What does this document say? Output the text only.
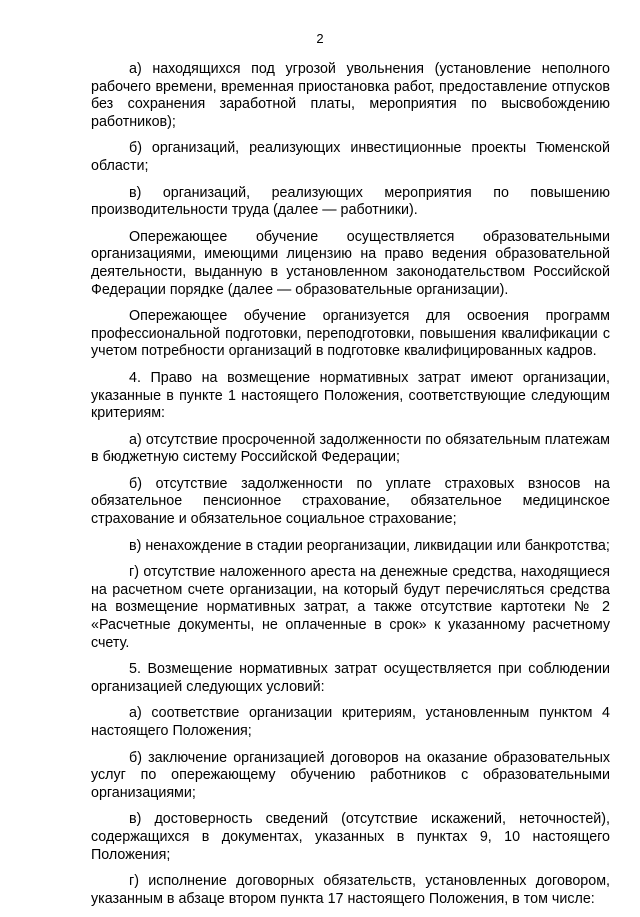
2

а) находящихся под угрозой увольнения (установление неполного рабочего времени, временная приостановка работ, предоставление отпусков без сохранения заработной платы, мероприятия по высвобождению работников);

б) организаций, реализующих инвестиционные проекты Тюменской области;

в) организаций, реализующих мероприятия по повышению производительности труда (далее — работники).

Опережающее обучение осуществляется образовательными организациями, имеющими лицензию на право ведения образовательной деятельности, выданную в установленном законодательством Российской Федерации порядке (далее — образовательные организации).

Опережающее обучение организуется для освоения программ профессиональной подготовки, переподготовки, повышения квалификации с учетом потребности организаций в подготовке квалифицированных кадров.

4. Право на возмещение нормативных затрат имеют организации, указанные в пункте 1 настоящего Положения, соответствующие следующим критериям:

а) отсутствие просроченной задолженности по обязательным платежам в бюджетную систему Российской Федерации;

б) отсутствие задолженности по уплате страховых взносов на обязательное пенсионное страхование, обязательное медицинское страхование и обязательное социальное страхование;

в) ненахождение в стадии реорганизации, ликвидации или банкротства;

г) отсутствие наложенного ареста на денежные средства, находящиеся на расчетном счете организации, на который будут перечисляться средства на возмещение нормативных затрат, а также отсутствие картотеки № 2 «Расчетные документы, не оплаченные в срок» к указанному расчетному счету.

5. Возмещение нормативных затрат осуществляется при соблюдении организацией следующих условий:

а) соответствие организации критериям, установленным пунктом 4 настоящего Положения;

б) заключение организацией договоров на оказание образовательных услуг по опережающему обучению работников с образовательными организациями;

в) достоверность сведений (отсутствие искажений, неточностей), содержащихся в документах, указанных в пунктах 9, 10 настоящего Положения;

г) исполнение договорных обязательств, установленных договором, указанным в абзаце втором пункта 17 настоящего Положения, в том числе:
